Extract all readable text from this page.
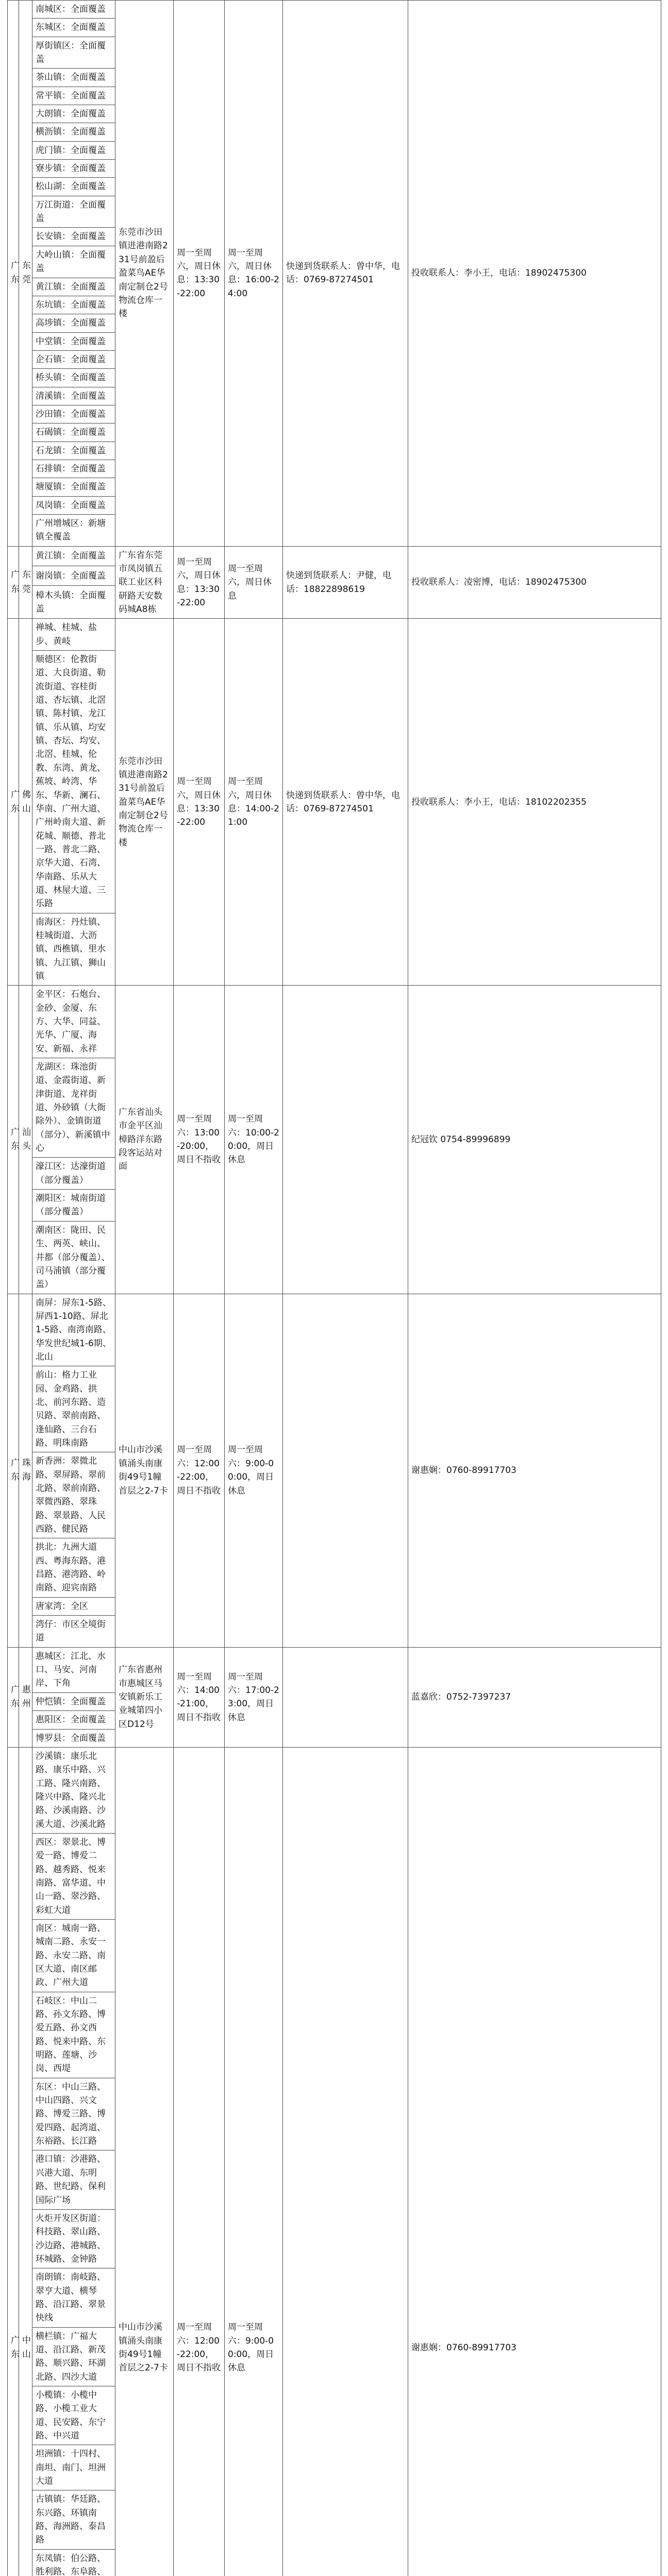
广东	东莞	南城区：全面覆盖	东莞市沙田镇进港南路231号前盈后盈菜鸟AE华南定制仓2号物流仓库一楼	周一至周六，周日休息：13:30-22:00	周一至周六，周日休息：16:00-24:00	快递到货联系人：曾中华，电话：0769-87274501	投收联系人：李小王，电话：18902475300
		东城区：全面覆盖					
		厚街镇区：全面覆盖					
		茶山镇：全面覆盖					
		常平镇：全面覆盖					
		大朗镇：全面覆盖					
		横沥镇：全面覆盖					
		虎门镇：全面覆盖					
		寮步镇：全面覆盖					
		松山湖：全面覆盖					
		万江街道：全面覆盖					
		长安镇：全面覆盖					
		大岭山镇：全面覆盖					
		黄江镇：全面覆盖					
		东坑镇：全面覆盖					
		高埗镇：全面覆盖					
		中堂镇：全面覆盖					
		企石镇：全面覆盖					
		桥头镇：全面覆盖					
		清溪镇：全面覆盖					
		沙田镇：全面覆盖					
		石碣镇：全面覆盖					
		石龙镇：全面覆盖					
		石排镇：全面覆盖					
		塘厦镇：全面覆盖					
		凤岗镇：全面覆盖					
		广州增城区：新塘镇全覆盖					
广东	东莞	黄江镇：全面覆盖	广东省东莞市凤岗镇五联工业区科研路天安数码城A8栋	周一至周六，周日休息：13:30-22:00	周一至周六，周日休息	快递到货联系人：尹健，电话：18822898619	投收联系人：凌密博，电话：18902475300
		谢岗镇：全面覆盖					
		樟木头镇：全面覆盖					
广东	佛山	禅城、桂城、盐步、黄岐	东莞市沙田镇进港南路231号前盈后盈菜鸟AE华南定制仓2号物流仓库一楼	周一至周六，周日休息：13:30-22:00	周一至周六，周日休息：14:00-21:00	快递到货联系人：曾中华，电话：0769-87274501	投收联系人：李小王，电话：18102202355
		顺德区：伦教街道、大良街道、勒流街道、容桂街道、杏坛镇、北滘镇、陈村镇、龙江镇、乐从镇、均安镇、杏坛、均安、北滘、桂城、伦教、东湾、黄龙、蕉坡、岭湾、华东、华新、澜石、华南、广州大道、广州岭南大道、新花城、顺德、普北一路、普北二路、京华大道、石湾、华南路、乐从大道、林屋大道、三乐路					
		南海区：丹灶镇、桂城街道、大沥镇、西樵镇、里水镇、九江镇、狮山镇					
广东	汕头	金平区：石炮台、金砂、金厦、东方、大华、同益、光华、广厦、海安、新福、永祥	广东省汕头市金平区汕樟路洋东路段客运站对面	周一至周六：13:00-20:00，周日不指收	周一至周六：10:00-20:00，周日休息		纪冠钦 0754-89996899
		龙湖区：珠池街道、金霞街道、新津街道、龙祥街道、外砂镇（大衙除外）、金镇街道（部分）、新溪镇中心					
		濠江区：达濠街道（部分覆盖）					
		潮阳区：城南街道（部分覆盖）					
		潮南区：陇田、民生、两英、峡山、井都（部分覆盖）、司马浦镇（部分覆盖）					
广东	珠海	南屏：屏东1-5路、屏西1-10路、屏北1-5路、南湾南路、华发世纪城1-6期、北山	中山市沙溪镇涌头南康街49号1幢首层之2-7卡	周一至周六：12:00-22:00，周日不指收	周一至周六：9:00-00:00，周日休息		谢惠娴：0760-89917703
		前山：格力工业园、金鸡路、拱北、前河东路、造贝路、翠前南路、逢仙路、三台石路、明珠南路					
		新香洲：翠微北路、翠屏路、翠前北路、翠前南路、翠微西路、翠珠路、翠景路、人民西路、健民路					
		拱北：九洲大道西、粤海东路、港昌路、港湾路、岭南路、迎宾南路					
		唐家湾：全区					
		湾仔：市区全境街道					
广东	惠州	惠城区：江北、水口、马安、河南岸、下角	广东省惠州市惠城区马安镇新乐工业城第四小区D12号	周一至周六：14:00-21:00，周日不指收	周一至周六：17:00-23:00，周日休息		蓝嘉欣：0752-7397237
		仲恺镇：全面覆盖					
		惠阳区：全面覆盖					
		博罗县：全面覆盖					
广东	中山	沙溪镇：康乐北路、康乐中路、兴工路、隆兴南路、隆兴中路、隆兴北路、沙溪南路、沙溪大道、沙溪北路	中山市沙溪镇涌头南康街49号1幢首层之2-7卡	周一至周六：12:00-22:00，周日不指收	周一至周六：9:00-00:00，周日休息		谢惠娴：0760-89917703
		西区：翠景北、博爱一路、博爱二路、越秀路、悦来南路、富华道、中山一路、翠沙路、彩虹大道					
		南区：城南一路、城南二路、永安一路、永安二路、南区大道、南区邮政、广州大道					
		石岐区：中山二路、孙文东路、博爱五路、孙文西路、悦来中路、东明路、莲塘、沙岗、西堤					
		东区：中山三路、中山四路、兴文路、博爱三路、博爱四路、起湾道、东裕路、长江路					
		港口镇：沙港路、兴港大道、东明路、世纪路、保利国际广场					
		火炬开发区街道：科技路、翠山路、沙边路、港城路、环城路、金钟路					
		南朗镇：南岐路、翠亨大道、横琴路、沿江路、翠景快线					
		横栏镇：广福大道、沿江路、新茂路、顺兴路、环湖北路、四沙大道					
		小榄镇：小榄中路、小榄工业大道、民安路、东宁路、中兴道					
		坦洲镇：十四村、南坦、南门、坦洲大道					
		古镇镇：华廷路、东兴路、环镇南路、海洲路、泰昌路					
		东凤镇：伯公路、胜利路、东阜路、					
